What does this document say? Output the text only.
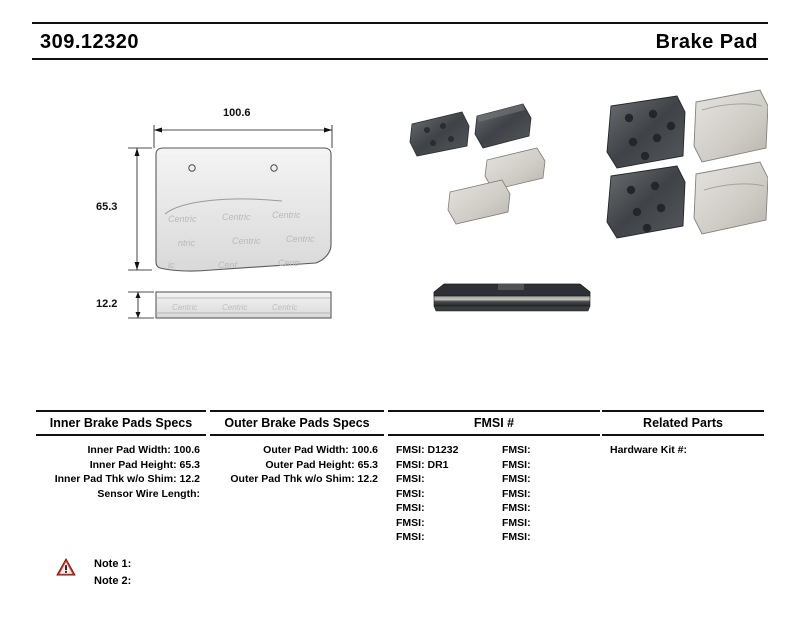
309.12320	Brake Pad
Centric	Centric Centric
ntric	Centric	Centric
ic	Cent	Centr
Centric	Centric	Centric
100.6
65.3
12.2
Inner Brake Pads Specs
Inner Pad Width: 100.6
Inner Pad Height: 65.3
Inner Pad Thk w/o Shim: 12.2
Sensor Wire Length:
Outer Brake Pads Specs
Outer Pad Width: 100.6
Outer Pad Height: 65.3
Outer Pad Thk w/o Shim: 12.2
FMSI #
FMSI: D1232	FMSI:
FMSI: DR1	FMSI:
FMSI:	FMSI:
FMSI:	FMSI:
FMSI:	FMSI:
FMSI:	FMSI:
FMSI:	FMSI:
Related Parts
Hardware Kit #:
Note 1:
Note 2:
